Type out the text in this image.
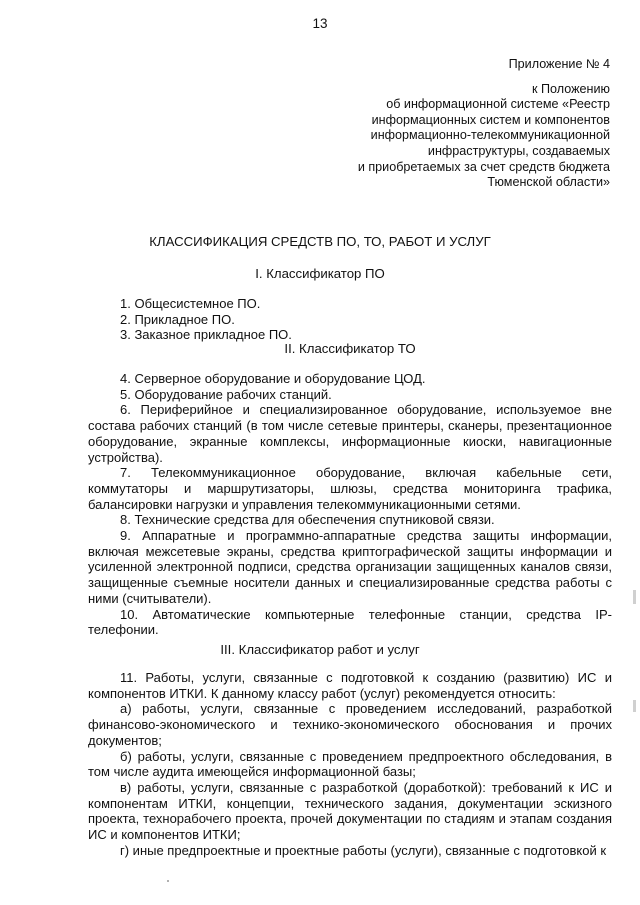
13
Приложение № 4
к Положению
об информационной системе «Реестр
информационных систем и компонентов
информационно-телекоммуникационной
инфраструктуры, создаваемых
и приобретаемых за счет средств бюджета
Тюменской области»
КЛАССИФИКАЦИЯ СРЕДСТВ ПО, ТО, РАБОТ И УСЛУГ
I. Классификатор ПО

1. Общесистемное ПО.

2. Прикладное ПО.

3. Заказное прикладное ПО.

II. Классификатор ТО

4. Серверное оборудование и оборудование ЦОД.

5. Оборудование рабочих станций.

6. Периферийное и специализированное оборудование, используемое вне состава рабочих станций (в том числе сетевые принтеры, сканеры, презентационное оборудование, экранные комплексы, информационные киоски, навигационные устройства).

7. Телекоммуникационное оборудование, включая кабельные сети, коммутаторы и маршрутизаторы, шлюзы, средства мониторинга трафика, балансировки нагрузки и управления телекоммуникационными сетями.

8. Технические средства для обеспечения спутниковой связи.

9. Аппаратные и программно-аппаратные средства защиты информации, включая межсетевые экраны, средства криптографической защиты информации и усиленной электронной подписи, средства организации защищенных каналов связи, защищенные съемные носители данных и специализированные средства работы с ними (считыватели).

10. Автоматические компьютерные телефонные станции, средства IP-телефонии.

III. Классификатор работ и услуг

11. Работы, услуги, связанные с подготовкой к созданию (развитию) ИС и компонентов ИТКИ. К данному классу работ (услуг) рекомендуется относить:

а) работы, услуги, связанные с проведением исследований, разработкой финансово-экономического и технико-экономического обоснования и прочих документов;

б) работы, услуги, связанные с проведением предпроектного обследования, в том числе аудита имеющейся информационной базы;

в) работы, услуги, связанные с разработкой (доработкой): требований к ИС и компонентам ИТКИ, концепции, технического задания, документации эскизного проекта, технорабочего проекта, прочей документации по стадиям и этапам создания ИС и компонентов ИТКИ;

г) иные предпроектные и проектные работы (услуги), связанные с подготовкой к
